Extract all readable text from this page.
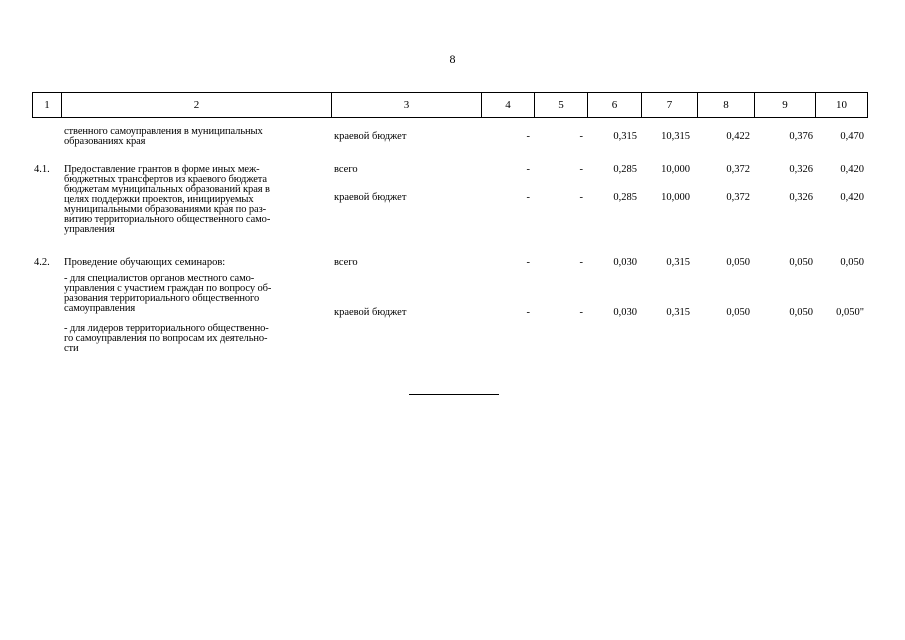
8
1	2	3	4	5	6	7	8	9	10
ственного самоуправления в муниципальных
образованиях края	краевой бюджет	-	-	0,315	10,315	0,422	0,376	0,470
4.1. Предоставление грантов в форме иных меж-
бюджетных трансфертов из краевого бюджета
бюджетам муниципальных образований края в
целях поддержки проектов, инициируемых
муниципальными образованиями края по раз-
витию территориального общественного само-
управления
всего	-	-	0,285	10,000	0,372	0,326	0,420
краевой бюджет	-	-	0,285	10,000	0,372	0,326	0,420
4.2. Проведение обучающих семинаров:	всего	-	-	0,030	0,315	0,050	0,050	0,050
- для специалистов органов местного само-
управления с участием граждан по вопросу об-
разования территориального общественного
самоуправления	краевой бюджет	-	-	0,030	0,315	0,050	0,050	0,050"
- для лидеров территориального общественно-
го самоуправления по вопросам их деятельно-
сти
